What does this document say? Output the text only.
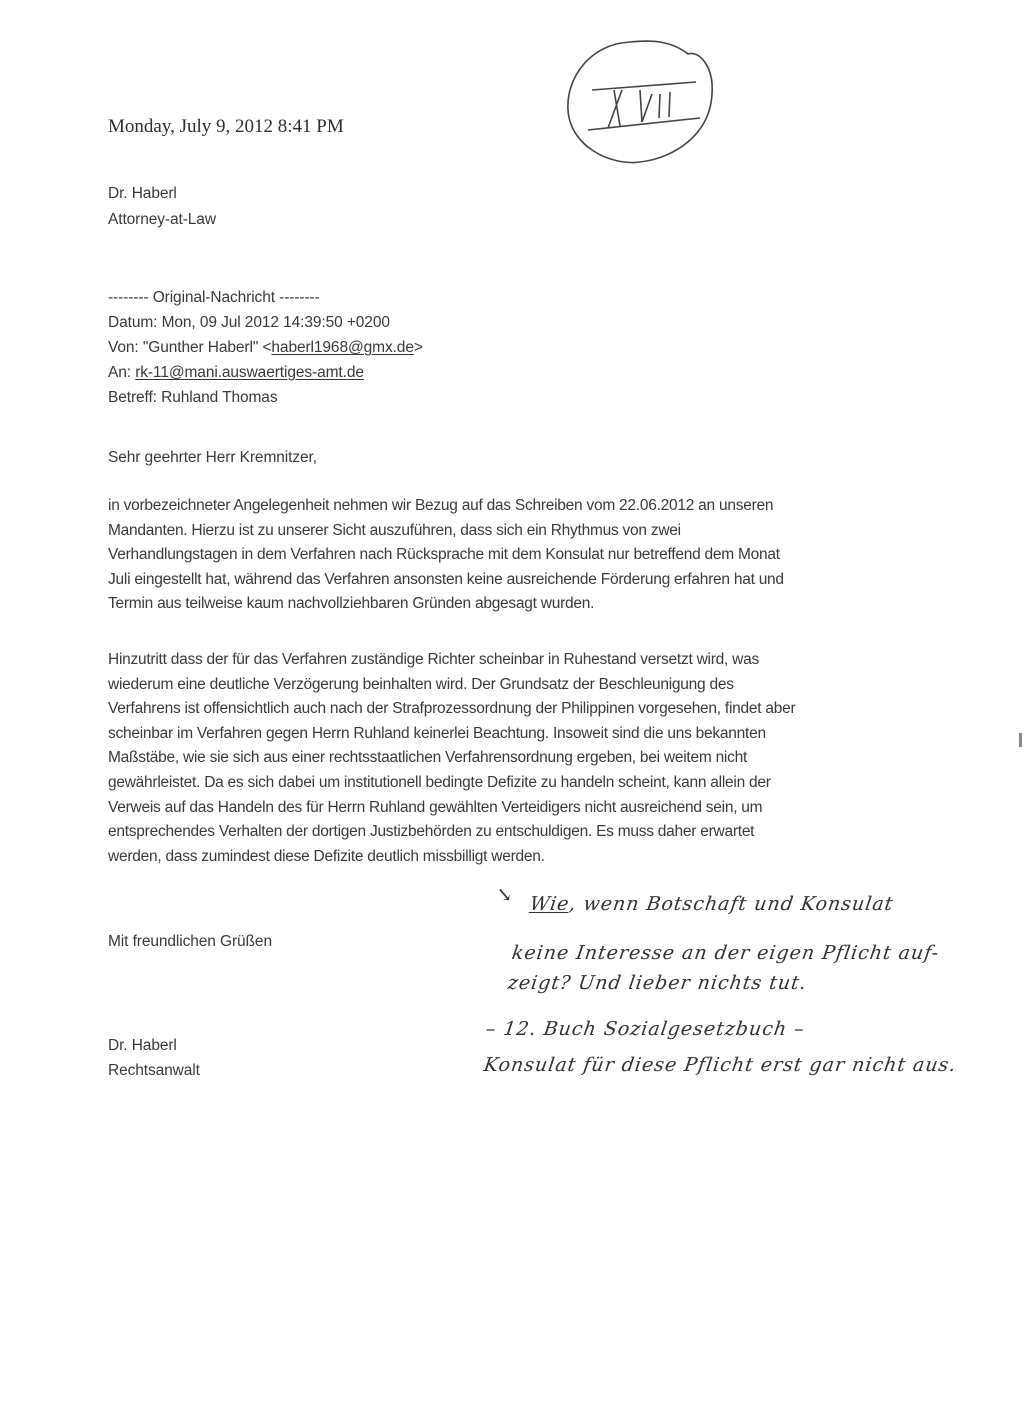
Monday, July 9, 2012 8:41 PM
Dr. Haberl
Attorney-at-Law
-------- Original-Nachricht --------
Datum: Mon, 09 Jul 2012 14:39:50 +0200
Von: "Gunther Haberl" <haberl1968@gmx.de>
An: rk-11@mani.auswaertiges-amt.de
Betreff: Ruhland Thomas
Sehr geehrter Herr Kremnitzer,
in vorbezeichneter Angelegenheit nehmen wir Bezug auf das Schreiben vom 22.06.2012 an unseren
Mandanten. Hierzu ist zu unserer Sicht auszuführen, dass sich ein Rhythmus von zwei
Verhandlungstagen in dem Verfahren nach Rücksprache mit dem Konsulat nur betreffend dem Monat
Juli eingestellt hat, während das Verfahren ansonsten keine ausreichende Förderung erfahren hat und
Termin aus teilweise kaum nachvollziehbaren Gründen abgesagt wurden.
Hinzutritt dass der für das Verfahren zuständige Richter scheinbar in Ruhestand versetzt wird, was
wiederum eine deutliche Verzögerung beinhalten wird. Der Grundsatz der Beschleunigung des
Verfahrens ist offensichtlich auch nach der Strafprozessordnung der Philippinen vorgesehen, findet aber
scheinbar im Verfahren gegen Herrn Ruhland keinerlei Beachtung. Insoweit sind die uns bekannten
Maßstäbe, wie sie sich aus einer rechtsstaatlichen Verfahrensordnung ergeben, bei weitem nicht
gewährleistet. Da es sich dabei um institutionell bedingte Defizite zu handeln scheint, kann allein der
Verweis auf das Handeln des für Herrn Ruhland gewählten Verteidigers nicht ausreichend sein, um
entsprechendes Verhalten der dortigen Justizbehörden zu entschuldigen. Es muss daher erwartet
werden, dass zumindest diese Defizite deutlich missbilligt werden.
Mit freundlichen Grüßen
Dr. Haberl
Rechtsanwalt
↘ Wie, wenn Botschaft und Konsulat
keine Interesse an der eigen Pflicht auf-
zeigt? Und lieber nichts tut.
– 12. Buch Sozialgesetzbuch –
Konsulat für diese Pflicht erst gar nicht aus.
